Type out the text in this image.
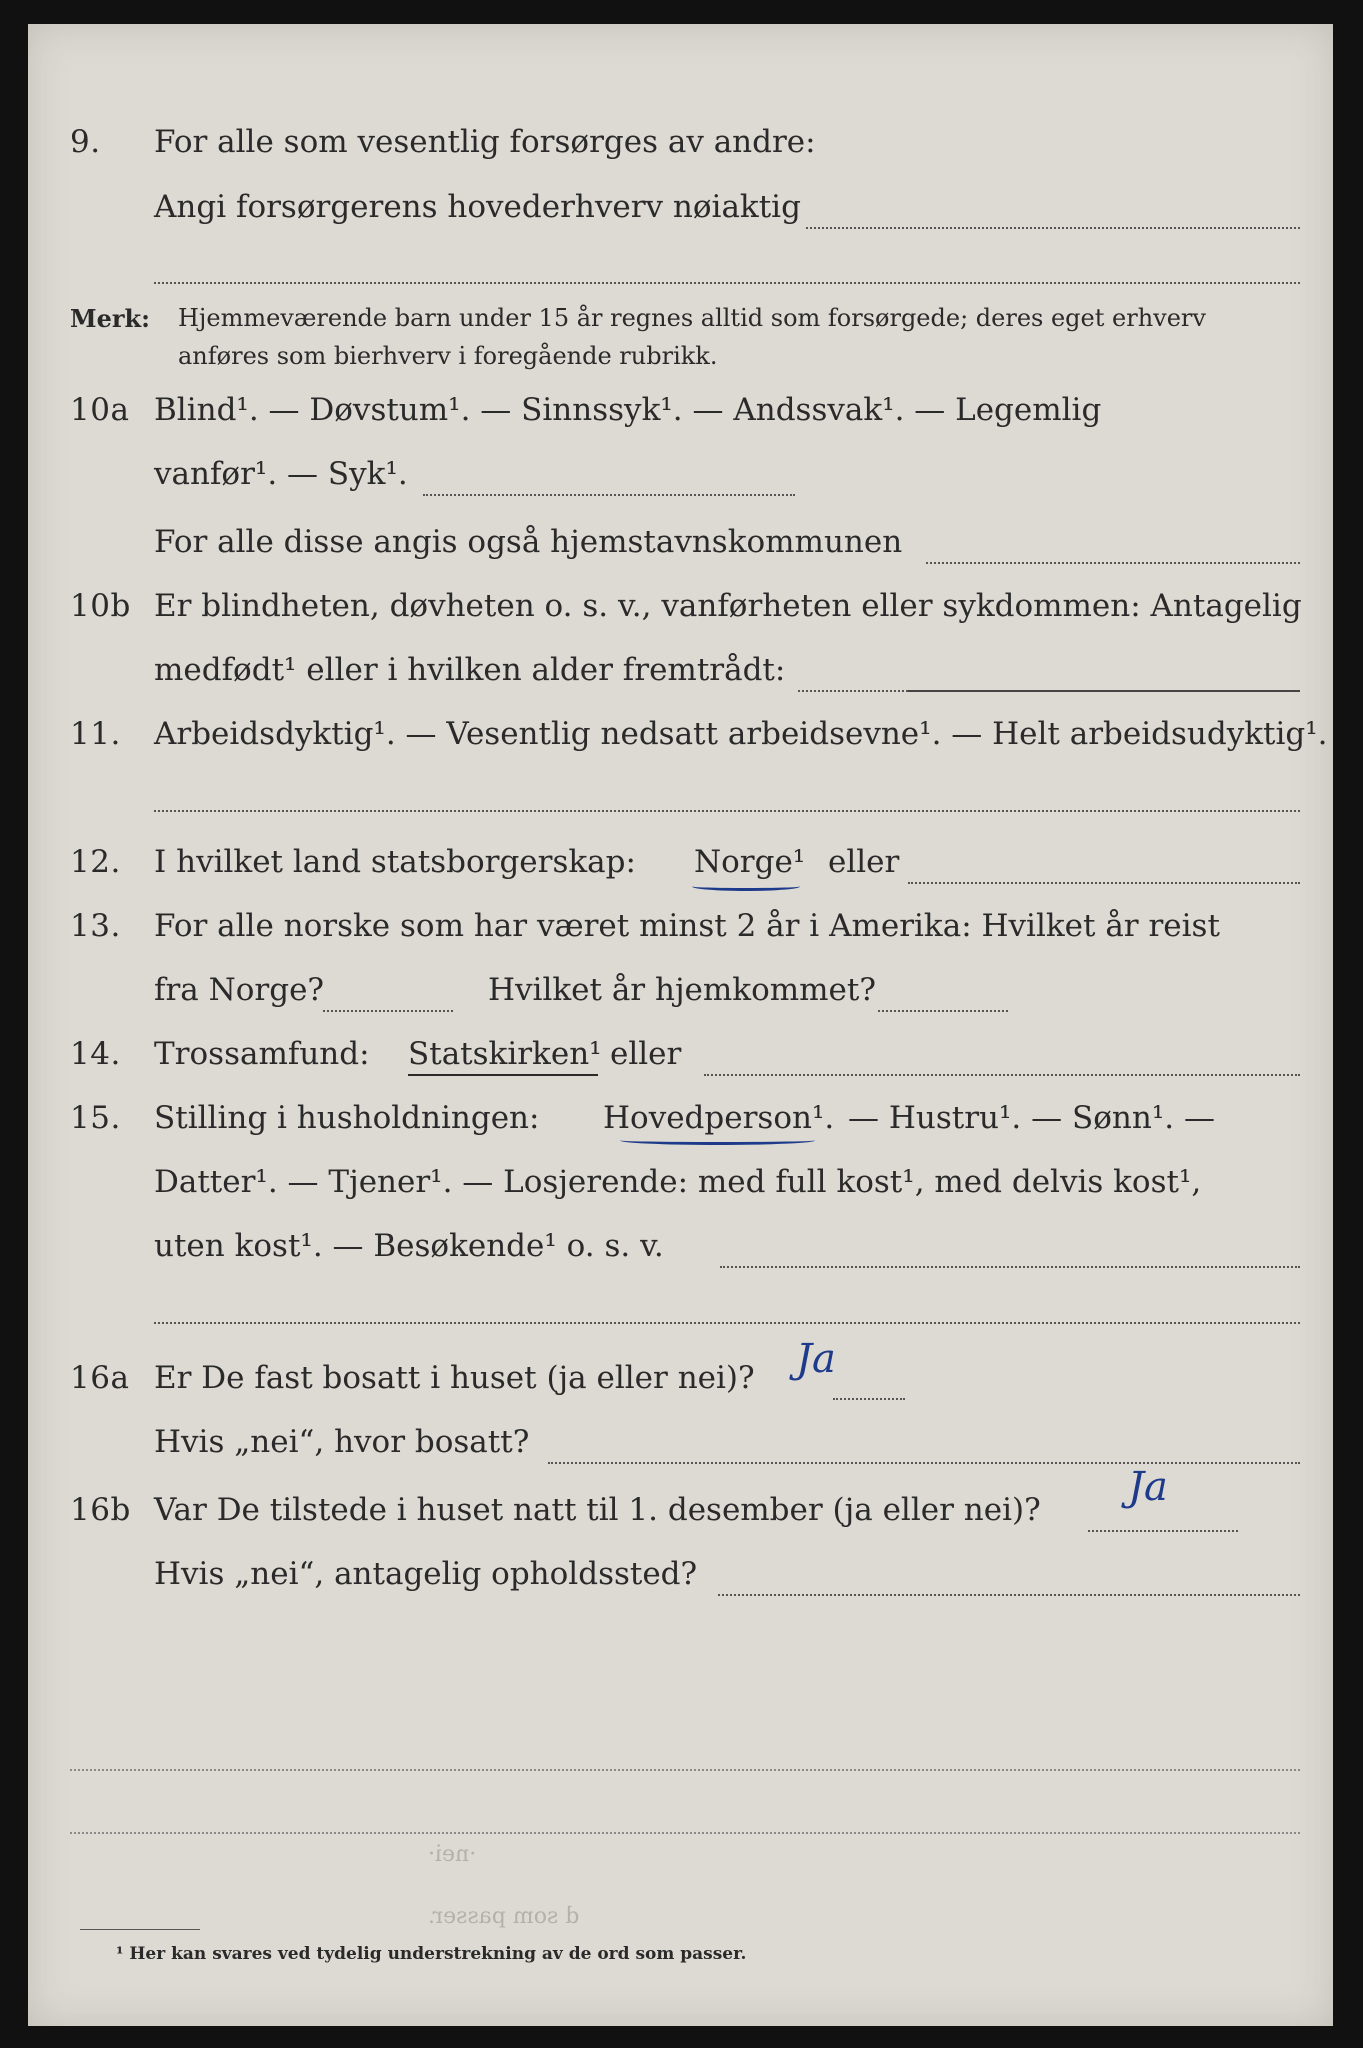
9. For alle som vesentlig forsørges av andre:
Angi forsørgerens hovederhverv nøiaktig
Merk: Hjemmeværende barn under 15 år regnes alltid som forsørgede; deres eget erhverv
anføres som bierhverv i foregående rubrikk.
10a Blind¹. — Døvstum¹. — Sinnssyk¹. — Andssvak¹. — Legemlig
vanfør¹. — Syk¹.
For alle disse angis også hjemstavnskommunen
10b Er blindheten, døvheten o. s. v., vanførheten eller sykdommen: Antagelig
medfødt¹ eller i hvilken alder fremtrådt:
11. Arbeidsdyktig¹. — Vesentlig nedsatt arbeidsevne¹. — Helt arbeidsudyktig¹.
12. I hvilket land statsborgerskap: Norge¹ eller
13. For alle norske som har været minst 2 år i Amerika: Hvilket år reist
fra Norge?	Hvilket år hjemkommet?
14. Trossamfund: Statskirken¹ eller
15. Stilling i husholdningen: Hovedperson¹. — Hustru¹. — Sønn¹. —
Datter¹. — Tjener¹. — Losjerende: med full kost¹, med delvis kost¹,
uten kost¹. — Besøkende¹ o. s. v.
16a Er De fast bosatt i huset (ja eller nei)? Ja
Hvis „nei“, hvor bosatt?
16b Var De tilstede i huset natt til 1. desember (ja eller nei)? Ja
Hvis „nei“, antagelig opholdssted?
·nei·
d som passer.
¹ Her kan svares ved tydelig understrekning av de ord som passer.
